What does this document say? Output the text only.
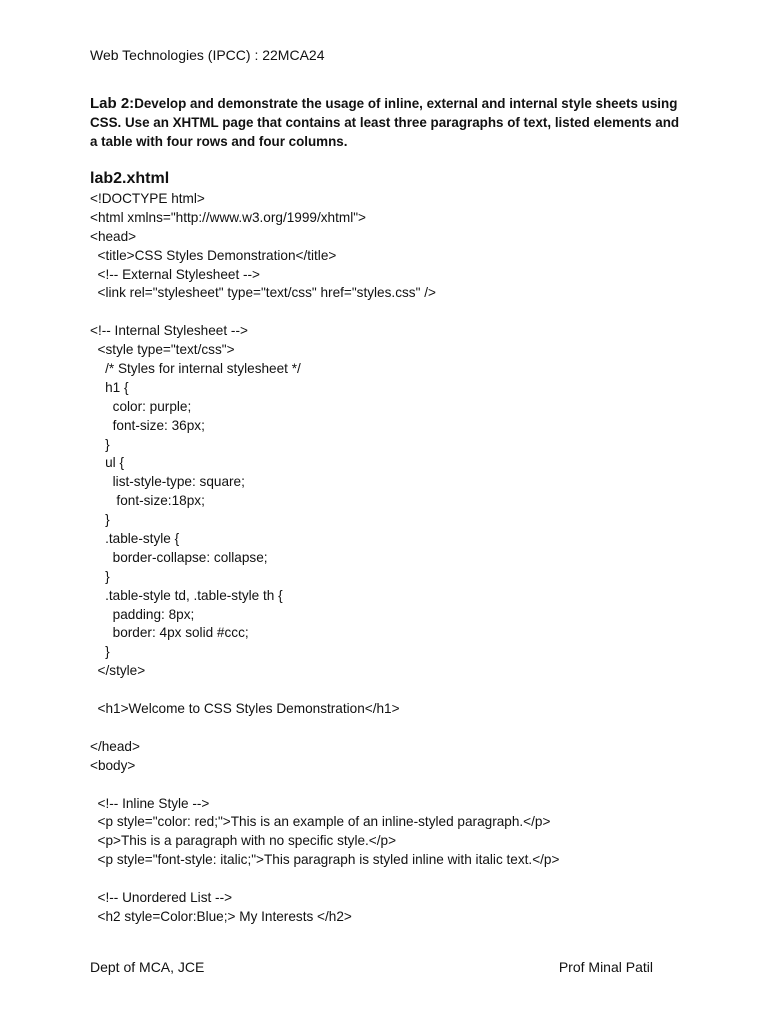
Web Technologies (IPCC) : 22MCA24
Lab 2:Develop and demonstrate the usage of inline, external and internal style sheets using CSS. Use an XHTML page that contains at least three paragraphs of text, listed elements and a table with four rows and four columns.
lab2.xhtml
<!DOCTYPE html>
<html xmlns="http://www.w3.org/1999/xhtml">
<head>
<title>CSS Styles Demonstration</title>
<!-- External Stylesheet -->
<link rel="stylesheet" type="text/css" href="styles.css" />
<!-- Internal Stylesheet -->
<style type="text/css">
/* Styles for internal stylesheet */
h1 {
color: purple;
font-size: 36px;
}
ul {
list-style-type: square;
font-size:18px;
}
.table-style {
border-collapse: collapse;
}
.table-style td, .table-style th {
padding: 8px;
border: 4px solid #ccc;
}
</style>
<h1>Welcome to CSS Styles Demonstration</h1>
</head>
<body>
<!-- Inline Style -->
<p style="color: red;">This is an example of an inline-styled paragraph.</p>
<p>This is a paragraph with no specific style.</p>
<p style="font-style: italic;">This paragraph is styled inline with italic text.</p>
<!-- Unordered List -->
<h2 style=Color:Blue;> My Interests </h2>
Dept of MCA, JCE	Prof Minal Patil
